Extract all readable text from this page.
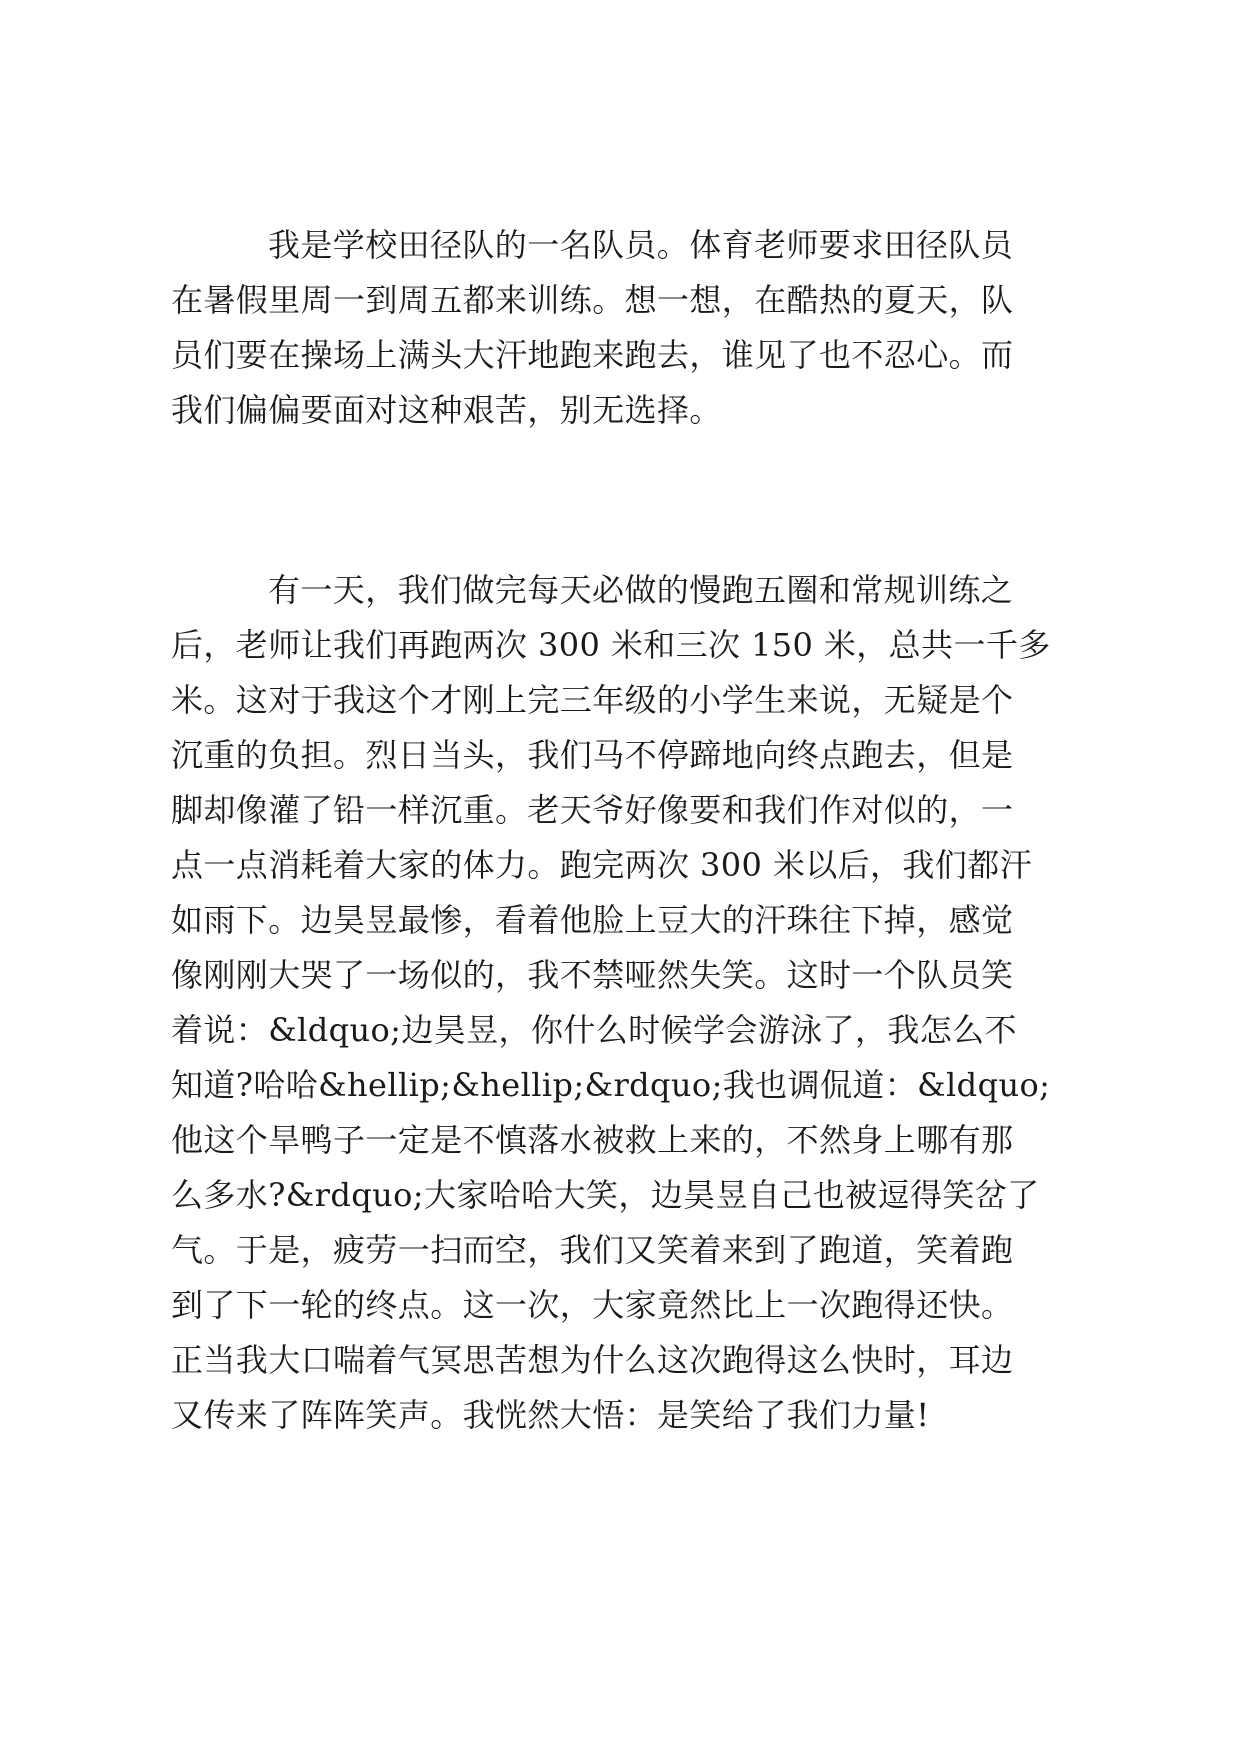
我是学校田径队的一名队员。体育老师要求田径队员
在暑假里周一到周五都来训练。想一想，在酷热的夏天，队
员们要在操场上满头大汗地跑来跑去，谁见了也不忍心。而
我们偏偏要面对这种艰苦，别无选择。
有一天，我们做完每天必做的慢跑五圈和常规训练之
后，老师让我们再跑两次 300 米和三次 150 米，总共一千多
米。这对于我这个才刚上完三年级的小学生来说，无疑是个
沉重的负担。烈日当头，我们马不停蹄地向终点跑去，但是
脚却像灌了铅一样沉重。老天爷好像要和我们作对似的，一
点一点消耗着大家的体力。跑完两次 300 米以后，我们都汗
如雨下。边昊昱最惨，看着他脸上豆大的汗珠往下掉，感觉
像刚刚大哭了一场似的，我不禁哑然失笑。这时一个队员笑
着说：&ldquo;边昊昱，你什么时候学会游泳了，我怎么不
知道?哈哈&hellip;&hellip;&rdquo;我也调侃道：&ldquo;
他这个旱鸭子一定是不慎落水被救上来的，不然身上哪有那
么多水?&rdquo;大家哈哈大笑，边昊昱自己也被逗得笑岔了
气。于是，疲劳一扫而空，我们又笑着来到了跑道，笑着跑
到了下一轮的终点。这一次，大家竟然比上一次跑得还快。
正当我大口喘着气冥思苦想为什么这次跑得这么快时，耳边
又传来了阵阵笑声。我恍然大悟：是笑给了我们力量!
